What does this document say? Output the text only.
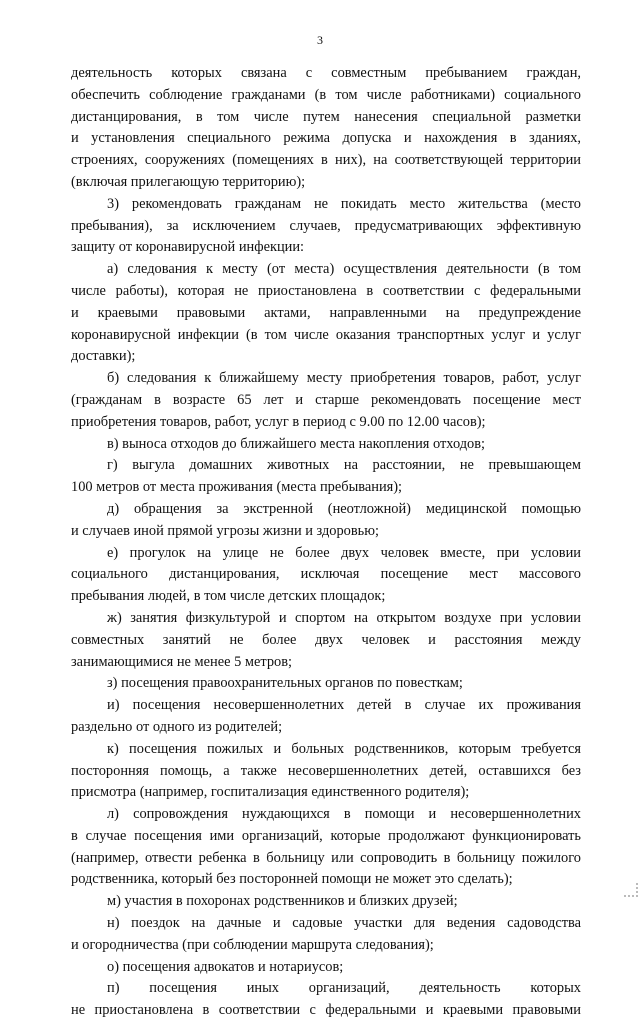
3
деятельность которых связана с совместным пребыванием граждан,
обеспечить соблюдение гражданами (в том числе работниками) социального
дистанцирования, в том числе путем нанесения специальной разметки
и установления специального режима допуска и нахождения в зданиях,
строениях, сооружениях (помещениях в них), на соответствующей территории
(включая прилегающую территорию);
3) рекомендовать гражданам не покидать место жительства (место
пребывания), за исключением случаев, предусматривающих эффективную
защиту от коронавирусной инфекции:
а) следования к месту (от места) осуществления деятельности (в том
числе работы), которая не приостановлена в соответствии с федеральными
и краевыми правовыми актами, направленными на предупреждение
коронавирусной инфекции (в том числе оказания транспортных услуг и услуг
доставки);
б) следования к ближайшему месту приобретения товаров, работ, услуг
(гражданам в возрасте 65 лет и старше рекомендовать посещение мест
приобретения товаров, работ, услуг в период с 9.00 по 12.00 часов);
в) выноса отходов до ближайшего места накопления отходов;
г) выгула домашних животных на расстоянии, не превышающем
100 метров от места проживания (места пребывания);
д) обращения за экстренной (неотложной) медицинской помощью
и случаев иной прямой угрозы жизни и здоровью;
е) прогулок на улице не более двух человек вместе, при условии
социального дистанцирования, исключая посещение мест массового
пребывания людей, в том числе детских площадок;
ж) занятия физкультурой и спортом на открытом воздухе при условии
совместных занятий не более двух человек и расстояния между
занимающимися не менее 5 метров;
з) посещения правоохранительных органов по повесткам;
и) посещения несовершеннолетних детей в случае их проживания
раздельно от одного из родителей;
к) посещения пожилых и больных родственников, которым требуется
посторонняя помощь, а также несовершеннолетних детей, оставшихся без
присмотра (например, госпитализация единственного родителя);
л) сопровождения нуждающихся в помощи и несовершеннолетних
в случае посещения ими организаций, которые продолжают функционировать
(например, отвести ребенка в больницу или сопроводить в больницу пожилого
родственника, который без посторонней помощи не может это сделать);
м) участия в похоронах родственников и близких друзей;
н) поездок на дачные и садовые участки для ведения садоводства
и огородничества (при соблюдении маршрута следования);
о) посещения адвокатов и нотариусов;
п) посещения иных организаций, деятельность которых
не приостановлена в соответствии с федеральными и краевыми правовыми
